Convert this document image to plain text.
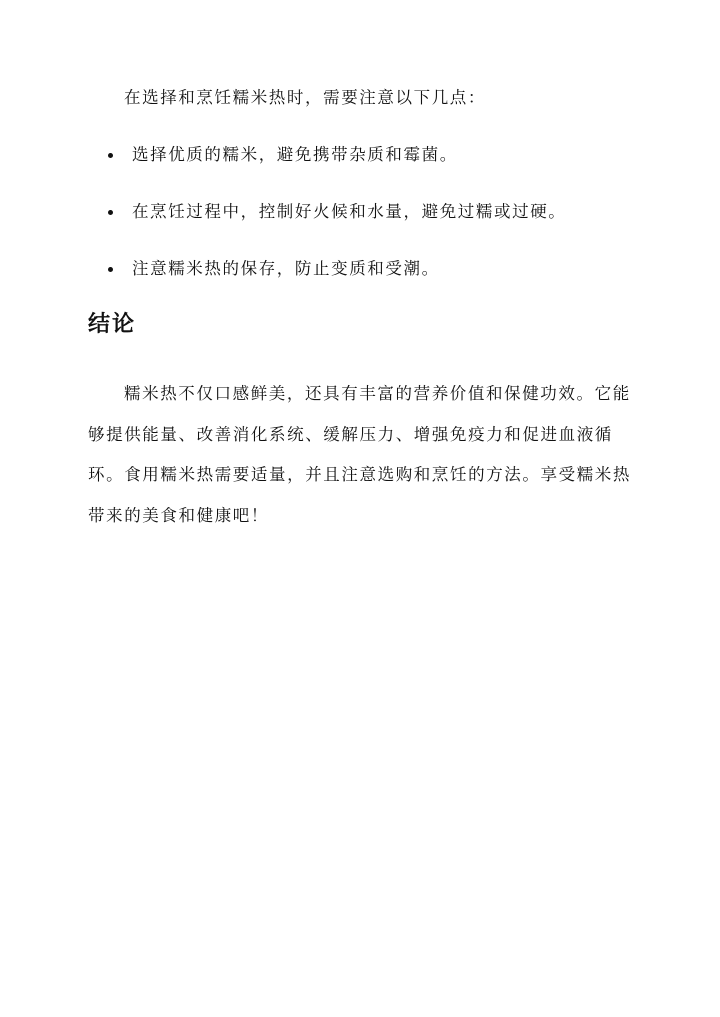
在选择和烹饪糯米热时，需要注意以下几点：

选择优质的糯米，避免携带杂质和霉菌。
在烹饪过程中，控制好火候和水量，避免过糯或过硬。
注意糯米热的保存，防止变质和受潮。
结论

糯米热不仅口感鲜美，还具有丰富的营养价值和保健功效。它能够提供能量、改善消化系统、缓解压力、增强免疫力和促进血液循环。食用糯米热需要适量，并且注意选购和烹饪的方法。享受糯米热带来的美食和健康吧！
